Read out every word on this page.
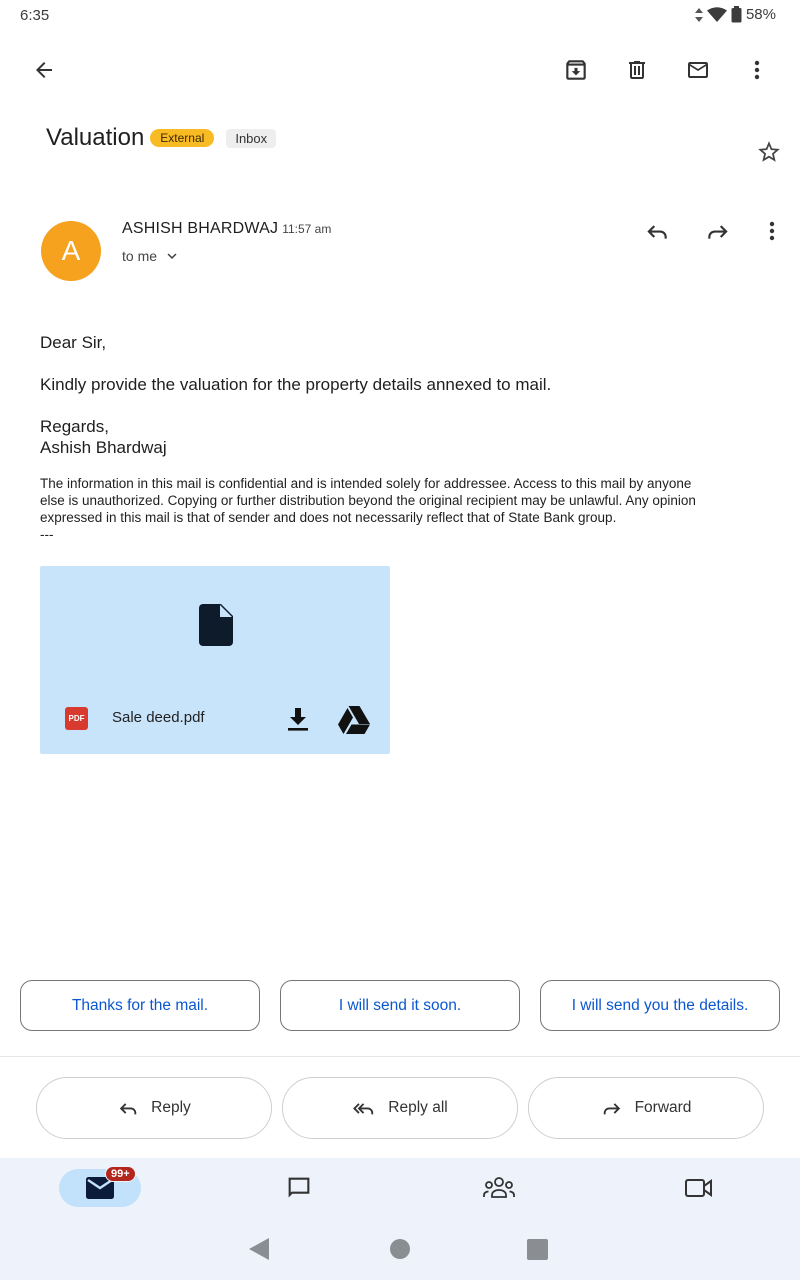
6:35	58%
Valuation	External	Inbox
A
ASHISH BHARDWAJ 11:57 am
to me
Dear Sir,
Kindly provide the valuation for the property details annexed to mail.
Regards,
Ashish Bhardwaj
The information in this mail is confidential and is intended solely for addressee. Access to this mail by anyone
else is unauthorized. Copying or further distribution beyond the original recipient may be unlawful. Any opinion
expressed in this mail is that of sender and does not necessarily reflect that of State Bank group.
---
PDF Sale deed.pdf
Thanks for the mail.	I will send it soon.	I will send you the details.
Reply	Reply all	Forward
99+
